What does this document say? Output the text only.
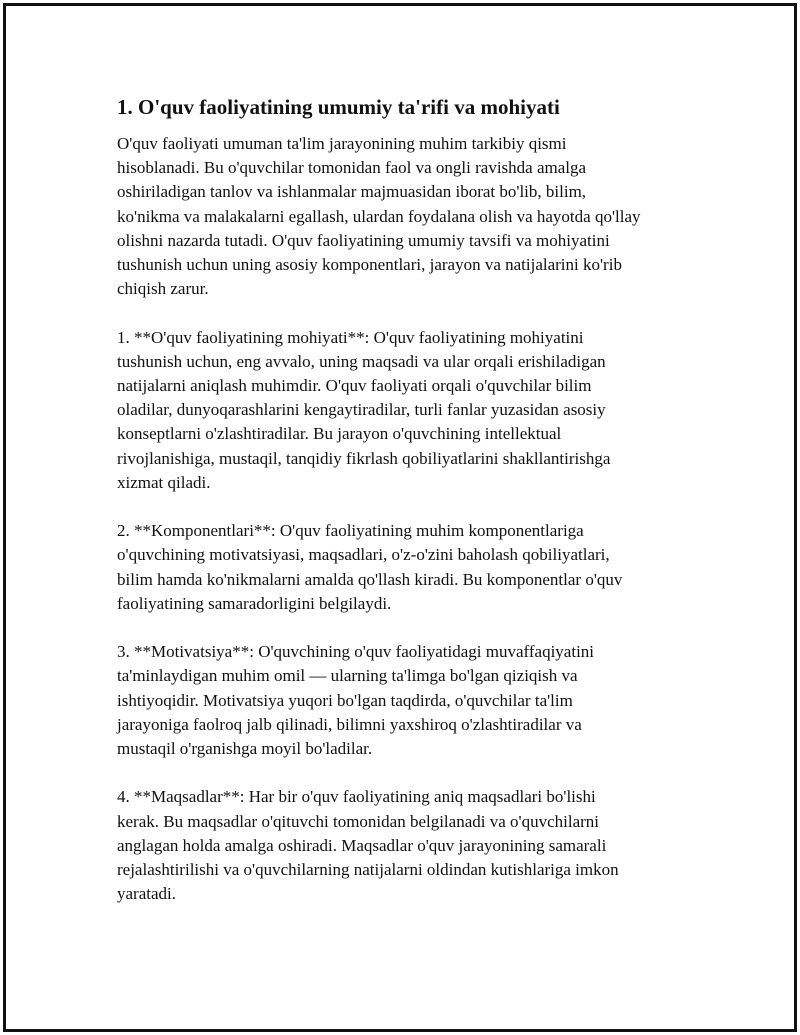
1. O'quv faoliyatining umumiy ta'rifi va mohiyati
O'quv faoliyati umuman ta'lim jarayonining muhim tarkibiy qismi
hisoblanadi. Bu o'quvchilar tomonidan faol va ongli ravishda amalga
oshiriladigan tanlov va ishlanmalar majmuasidan iborat bo'lib, bilim,
ko'nikma va malakalarni egallash, ulardan foydalana olish va hayotda qo'llay
olishni nazarda tutadi. O'quv faoliyatining umumiy tavsifi va mohiyatini
tushunish uchun uning asosiy komponentlari, jarayon va natijalarini ko'rib
chiqish zarur.
1. **O'quv faoliyatining mohiyati**: O'quv faoliyatining mohiyatini
tushunish uchun, eng avvalo, uning maqsadi va ular orqali erishiladigan
natijalarni aniqlash muhimdir. O'quv faoliyati orqali o'quvchilar bilim
oladilar, dunyoqarashlarini kengaytiradilar, turli fanlar yuzasidan asosiy
konseptlarni o'zlashtiradilar. Bu jarayon o'quvchining intellektual
rivojlanishiga, mustaqil, tanqidiy fikrlash qobiliyatlarini shakllantirishga
xizmat qiladi.
2. **Komponentlari**: O'quv faoliyatining muhim komponentlariga
o'quvchining motivatsiyasi, maqsadlari, o'z-o'zini baholash qobiliyatlari,
bilim hamda ko'nikmalarni amalda qo'llash kiradi. Bu komponentlar o'quv
faoliyatining samaradorligini belgilaydi.
3. **Motivatsiya**: O'quvchining o'quv faoliyatidagi muvaffaqiyatini
ta'minlaydigan muhim omil — ularning ta'limga bo'lgan qiziqish va
ishtiyoqidir. Motivatsiya yuqori bo'lgan taqdirda, o'quvchilar ta'lim
jarayoniga faolroq jalb qilinadi, bilimni yaxshiroq o'zlashtiradilar va
mustaqil o'rganishga moyil bo'ladilar.
4. **Maqsadlar**: Har bir o'quv faoliyatining aniq maqsadlari bo'lishi
kerak. Bu maqsadlar o'qituvchi tomonidan belgilanadi va o'quvchilarni
anglagan holda amalga oshiradi. Maqsadlar o'quv jarayonining samarali
rejalashtirilishi va o'quvchilarning natijalarni oldindan kutishlariga imkon
yaratadi.
